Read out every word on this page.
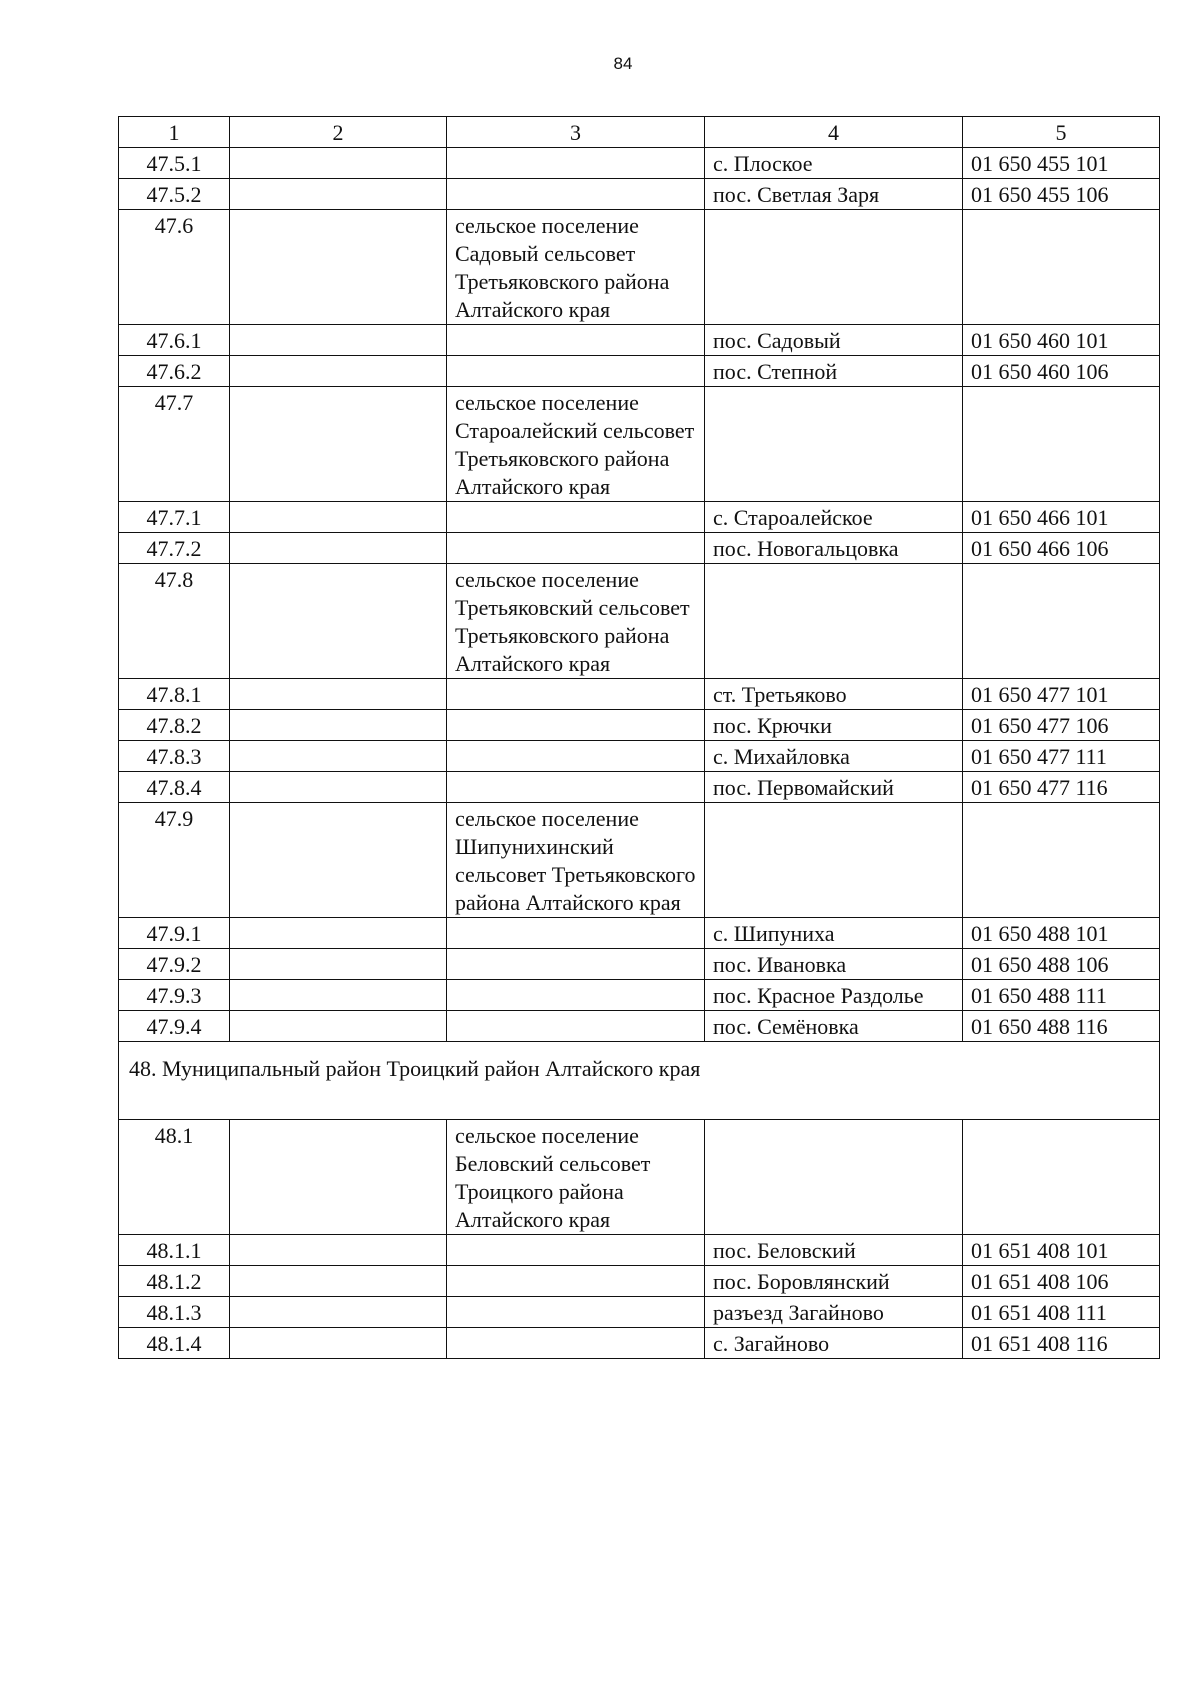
84
1	2	3	4	5
47.5.1			с. Плоское	01 650 455 101
47.5.2			пос. Светлая Заря	01 650 455 106
47.6		сельское поселение Садовый сельсовет Третьяковского района Алтайского края		
47.6.1			пос. Садовый	01 650 460 101
47.6.2			пос. Степной	01 650 460 106
47.7		сельское поселение Староалейский сельсовет Третьяковского района Алтайского края		
47.7.1			с. Староалейское	01 650 466 101
47.7.2			пос. Новогальцовка	01 650 466 106
47.8		сельское поселение Третьяковский сельсовет Третьяковского района Алтайского края		
47.8.1			ст. Третьяково	01 650 477 101
47.8.2			пос. Крючки	01 650 477 106
47.8.3			с. Михайловка	01 650 477 111
47.8.4			пос. Первомайский	01 650 477 116
47.9		сельское поселение Шипунихинский сельсовет Третьяковского района Алтайского края		
47.9.1			с. Шипуниха	01 650 488 101
47.9.2			пос. Ивановка	01 650 488 106
47.9.3			пос. Красное Раздолье	01 650 488 111
47.9.4			пос. Семёновка	01 650 488 116
48. Муниципальный район Троицкий район Алтайского края				
48.1		сельское поселение Беловский сельсовет Троицкого района Алтайского края		
48.1.1			пос. Беловский	01 651 408 101
48.1.2			пос. Боровлянский	01 651 408 106
48.1.3			разъезд Загайново	01 651 408 111
48.1.4			с. Загайново	01 651 408 116
